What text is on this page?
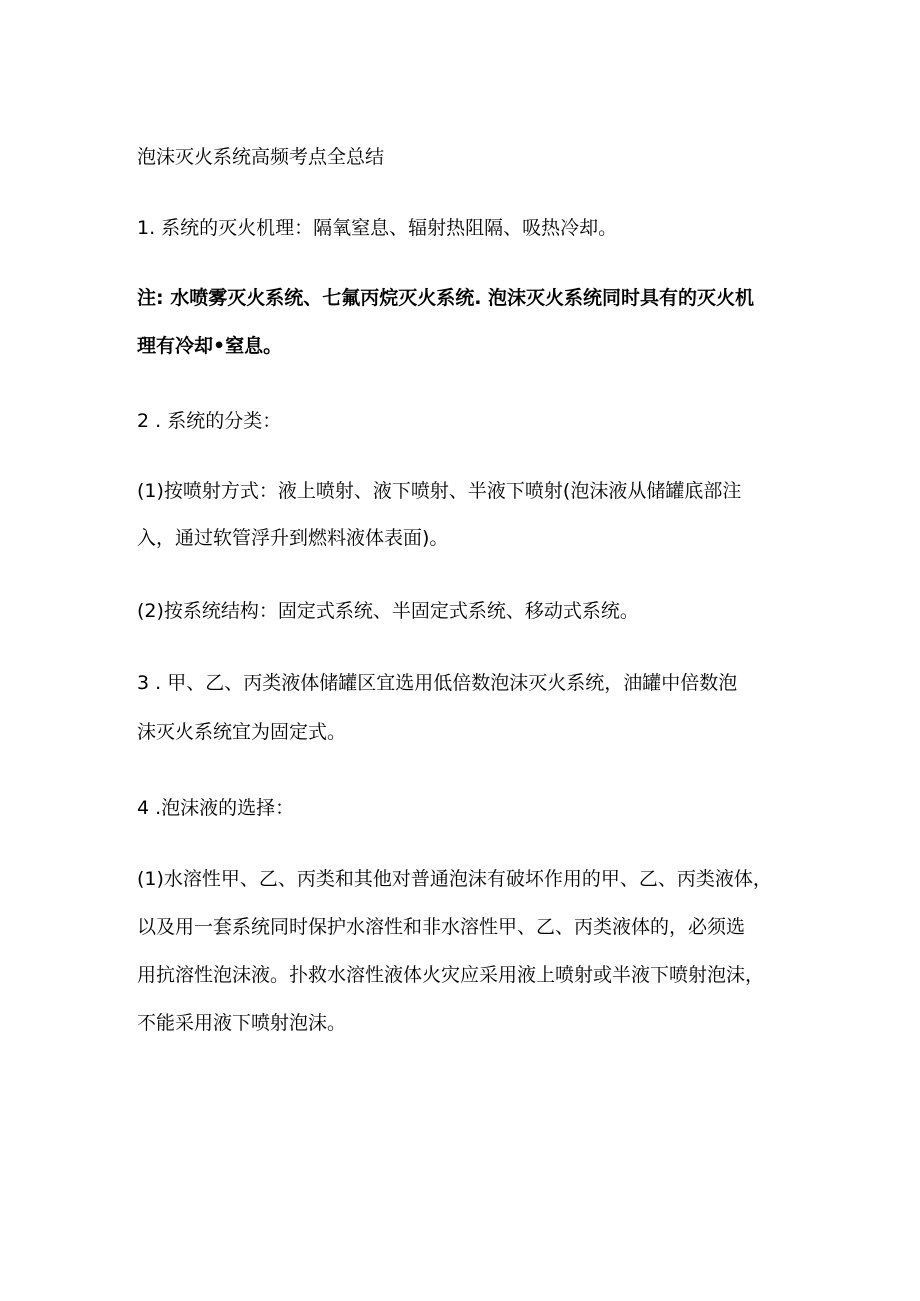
泡沫灭火系统高频考点全总结
1. 系统的灭火机理：隔氧窒息、辐射热阻隔、吸热冷却。
注: 水喷雾灭火系统、七氟丙烷灭火系统. 泡沫灭火系统同时具有的灭火机
理有冷却•窒息。
2 . 系统的分类：
(1)按喷射方式：液上喷射、液下喷射、半液下喷射(泡沫液从储罐底部注
入，通过软管浮升到燃料液体表面)。
(2)按系统结构：固定式系统、半固定式系统、移动式系统。
3 . 甲、乙、丙类液体储罐区宜选用低倍数泡沫灭火系统，油罐中倍数泡
沫灭火系统宜为固定式。
4 .泡沫液的选择：
(1)水溶性甲、乙、丙类和其他对普通泡沫有破坏作用的甲、乙、丙类液体，
以及用一套系统同时保护水溶性和非水溶性甲、乙、丙类液体的，必须选
用抗溶性泡沫液。扑救水溶性液体火灾应采用液上喷射或半液下喷射泡沫，
不能采用液下喷射泡沫。
